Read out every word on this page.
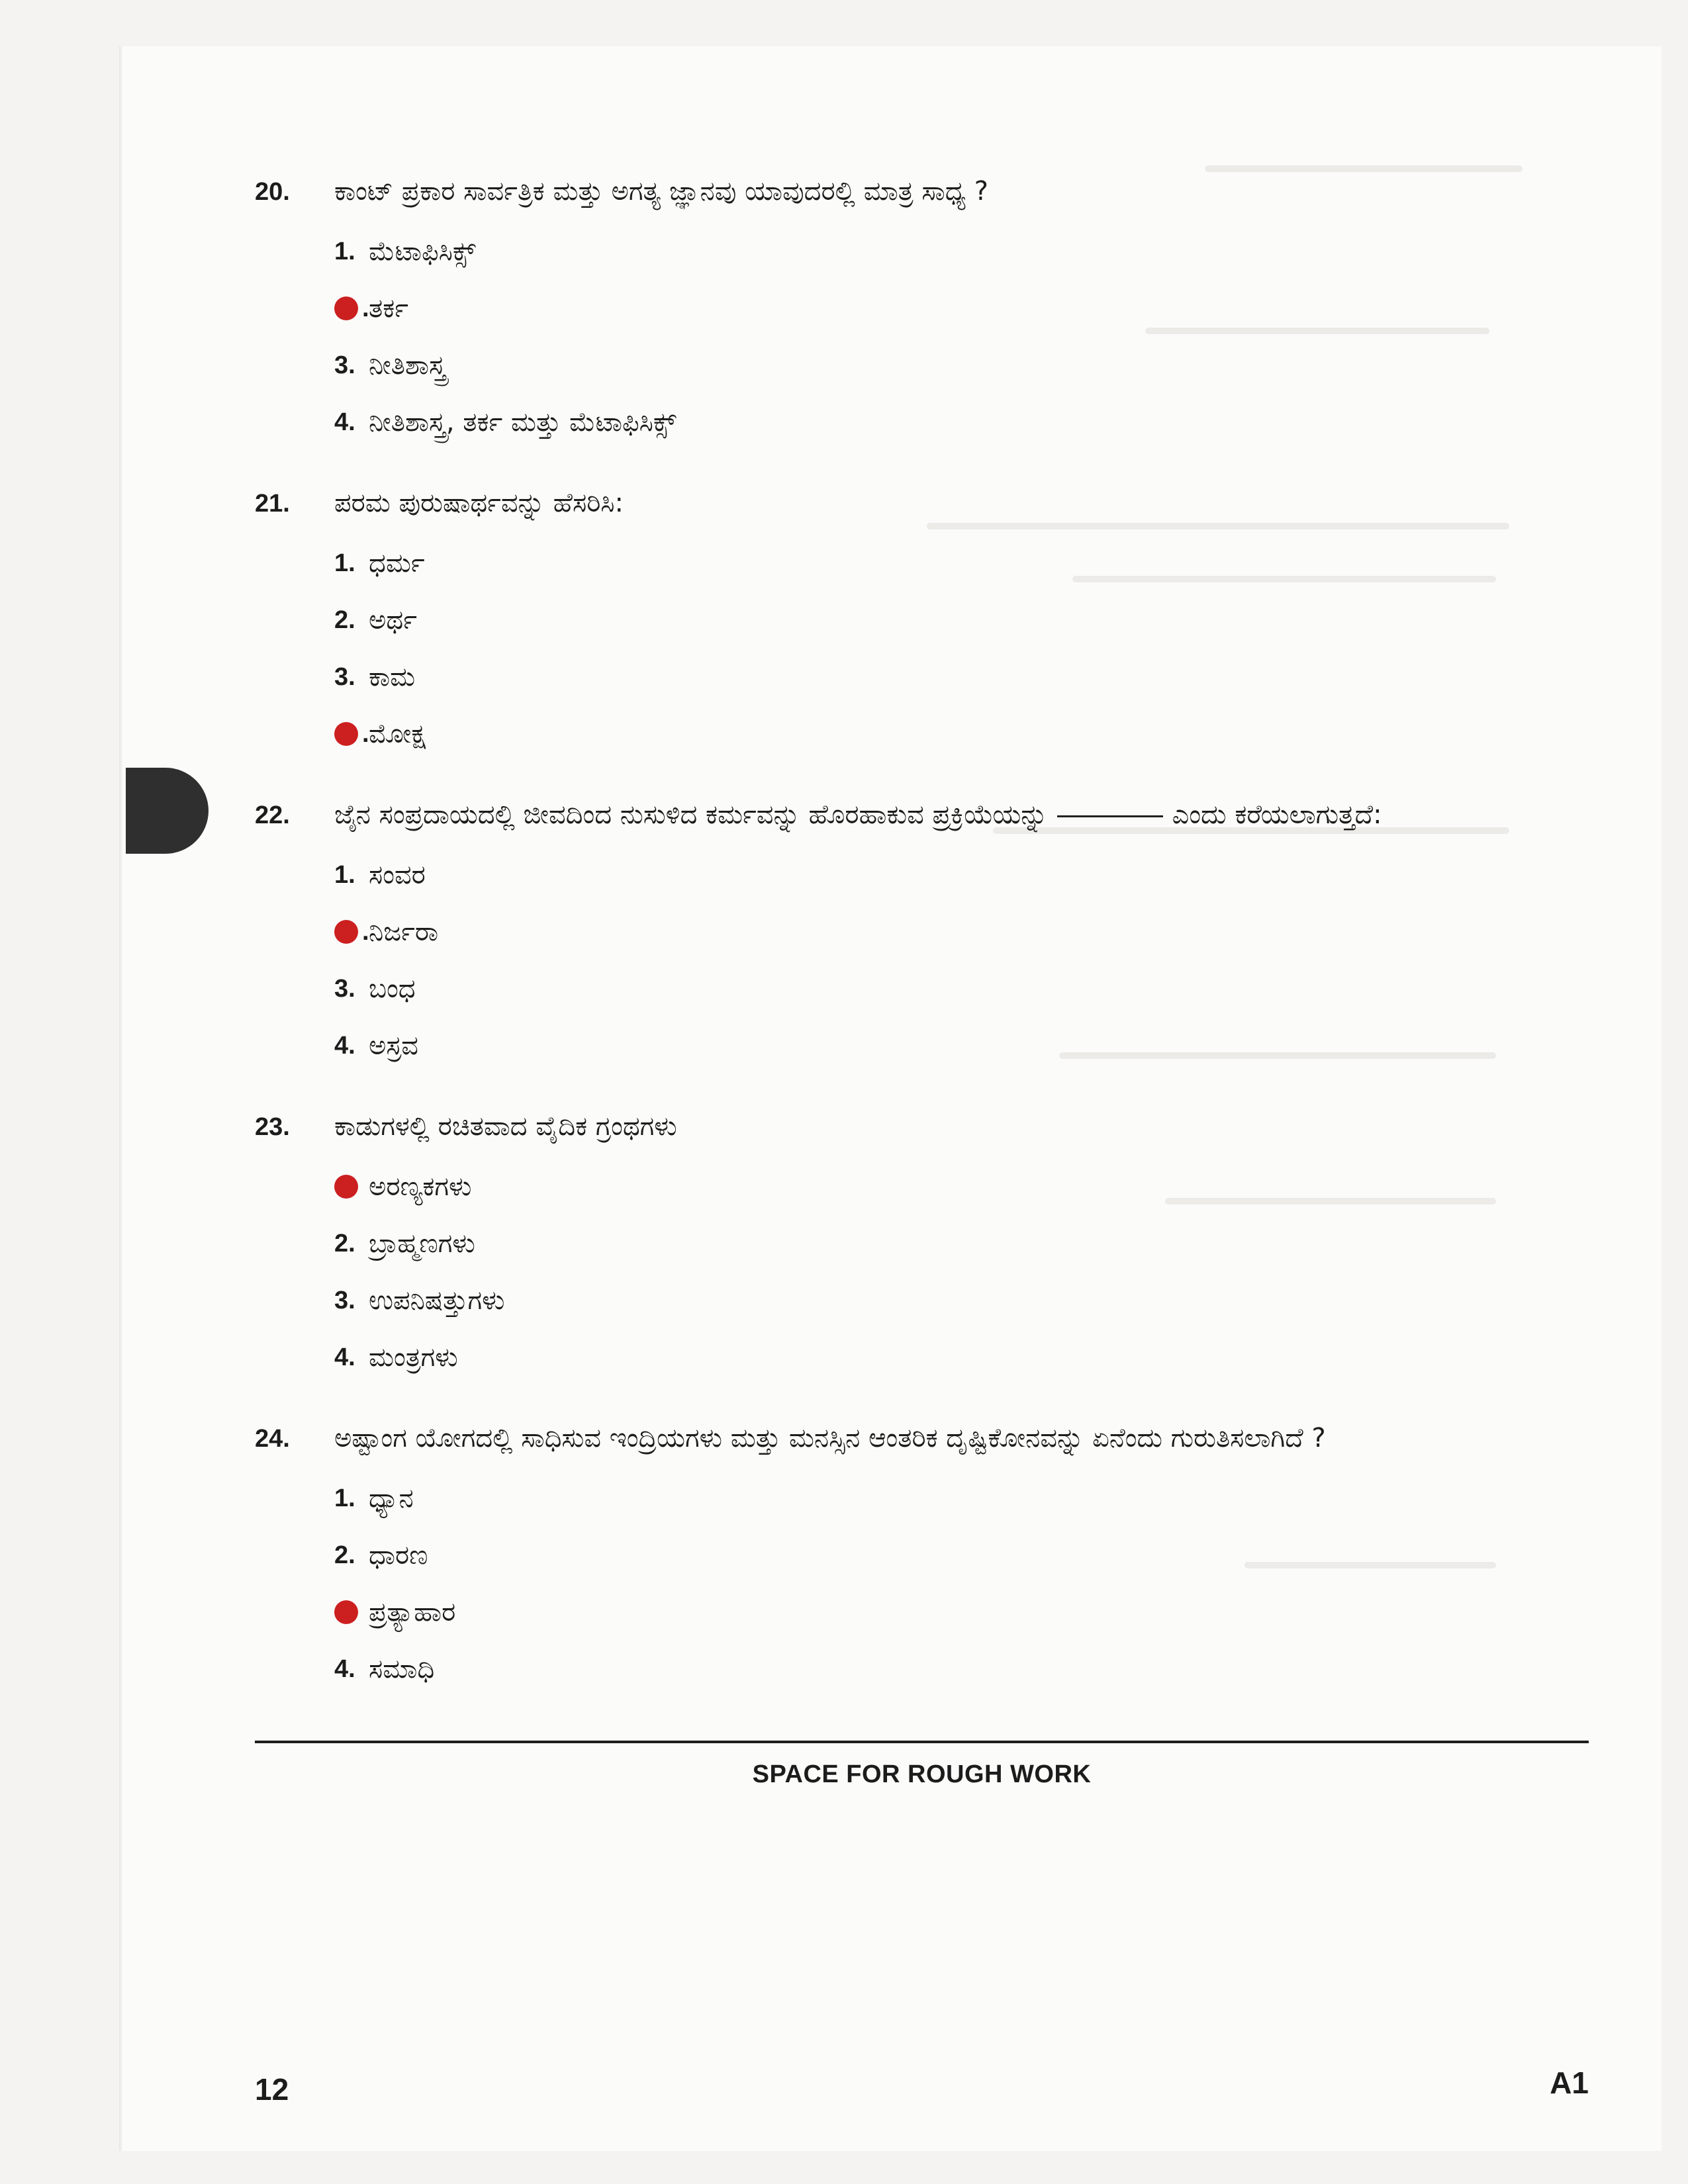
20.	ಕಾಂಟ್ ಪ್ರಕಾರ ಸಾರ್ವತ್ರಿಕ ಮತ್ತು ಅಗತ್ಯ ಜ್ಞಾನವು ಯಾವುದರಲ್ಲಿ ಮಾತ್ರ ಸಾಧ್ಯ ?
1. ಮೆಟಾಫಿಸಿಕ್ಸ್
. ತರ್ಕ
3. ನೀತಿಶಾಸ್ತ್ರ
4. ನೀತಿಶಾಸ್ತ್ರ, ತರ್ಕ ಮತ್ತು ಮೆಟಾಫಿಸಿಕ್ಸ್
21.	ಪರಮ ಪುರುಷಾರ್ಥವನ್ನು ಹೆಸರಿಸಿ:
1. ಧರ್ಮ
2. ಅರ್ಥ
3. ಕಾಮ
. ಮೋಕ್ಷ
22.	ಜೈನ ಸಂಪ್ರದಾಯದಲ್ಲಿ ಜೀವದಿಂದ ನುಸುಳಿದ ಕರ್ಮವನ್ನು ಹೊರಹಾಕುವ ಪ್ರಕ್ರಿಯೆಯನ್ನು	ಎಂದು ಕರೆಯಲಾಗುತ್ತದೆ:
1. ಸಂವರ
. ನಿರ್ಜರಾ
3. ಬಂಧ
4. ಅಸ್ರವ
23.	ಕಾಡುಗಳಲ್ಲಿ ರಚಿತವಾದ ವೈದಿಕ ಗ್ರಂಥಗಳು
ಅರಣ್ಯಕಗಳು
2. ಬ್ರಾಹ್ಮಣಗಳು
3. ಉಪನಿಷತ್ತುಗಳು
4. ಮಂತ್ರಗಳು
24.	ಅಷ್ಟಾಂಗ ಯೋಗದಲ್ಲಿ ಸಾಧಿಸುವ ಇಂದ್ರಿಯಗಳು ಮತ್ತು ಮನಸ್ಸಿನ ಆಂತರಿಕ ದೃಷ್ಟಿಕೋನವನ್ನು ಏನೆಂದು ಗುರುತಿಸಲಾಗಿದೆ ?
1. ಧ್ಯಾನ
2. ಧಾರಣ
ಪ್ರತ್ಯಾಹಾರ
4. ಸಮಾಧಿ
SPACE FOR ROUGH WORK
12	A1
